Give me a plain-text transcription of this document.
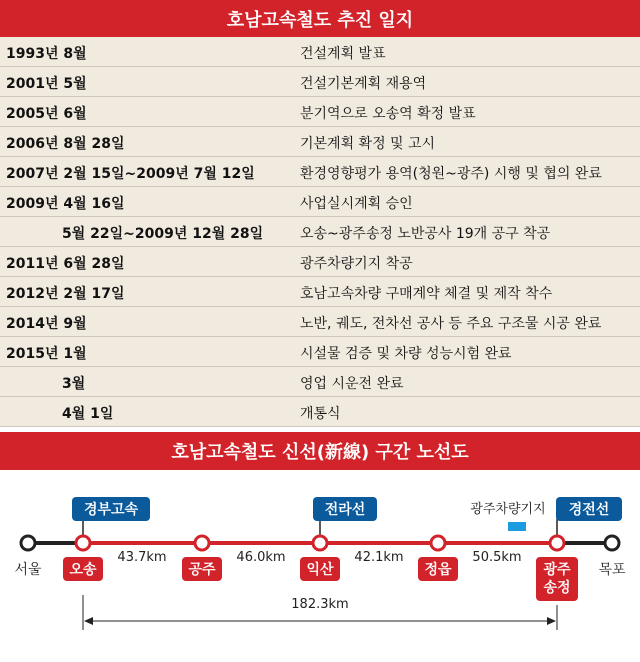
호남고속철도 추진 일지
1993년 8월	건설계획 발표
2001년 5월	건설기본계획 재용역
2005년 6월	분기역으로 오송역 확정 발표
2006년 8월 28일	기본계획 확정 및 고시
2007년 2월 15일~2009년 7월 12일	환경영향평가 용역(청원~광주) 시행 및 협의 완료
2009년 4월 16일	사업실시계획 승인
5월 22일~2009년 12월 28일	오송~광주송정 노반공사 19개 공구 착공
2011년 6월 28일	광주차량기지 착공
2012년 2월 17일	호남고속차량 구매계약 체결 및 제작 착수
2014년 9월	노반, 궤도, 전차선 공사 등 주요 구조물 시공 완료
2015년 1월	시설물 검증 및 차량 성능시험 완료
3월	영업 시운전 완료
4월 1일	개통식
호남고속철도 신선(新線) 구간 노선도
경부고속	전라선	경전선
광주차량기지
서울	목포
오송	공주	익산	정읍	광주 송정
43.7km	46.0km	42.1km	50.5km
182.3km
